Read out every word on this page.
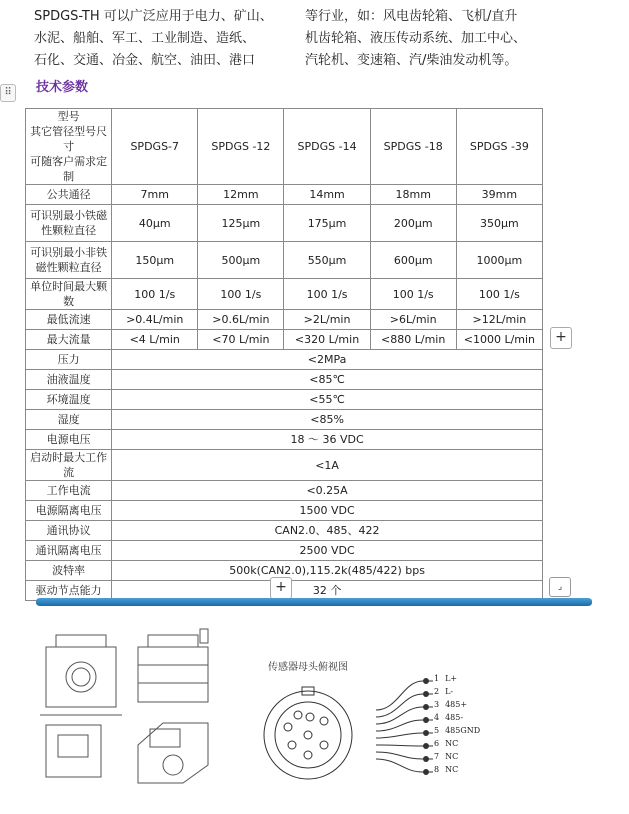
SPDGS-TH 可以广泛应用于电力、矿山、

水泥、船舶、军工、工业制造、造纸、

石化、交通、冶金、航空、油田、港口

等行业，如：风电齿轮箱、飞机/直升

机齿轮箱、液压传动系统、加工中心、

汽轮机、变速箱、汽/柴油发动机等。

⠿	技术参数
型号
其它管径型号尺寸
可随客户需求定制	SPDGS-7	SPDGS -12	SPDGS -14	SPDGS -18	SPDGS -39
公共通径	7mm	12mm	14mm	18mm	39mm
可识别最小铁磁性颗粒直径	40μm	125μm	175μm	200μm	350μm
可识别最小非铁磁性颗粒直径	150μm	500μm	550μm	600μm	1000μm
单位时间最大颗数	100 1/s	100 1/s	100 1/s	100 1/s	100 1/s
最低流速	>0.4L/min	>0.6L/min	>2L/min	>6L/min	>12L/min
最大流量	<4 L/min	<70 L/min	<320 L/min	<880 L/min	<1000 L/min
压力	<2MPa				
油液温度	<85℃				
环境温度	<55℃				
湿度	<85%				
电源电压	18 ～ 36 VDC				
启动时最大工作流	<1A				
工作电流	<0.25A				
电源隔离电压	1500 VDC				
通讯协议	CAN2.0、485、422				
通讯隔离电压	2500 VDC				
波特率	500k(CAN2.0),115.2k(485/422) bps				
驱动节点能力	32 个				
+
+	⌟
传感器母头俯视图
1 L+
2 L-
3 485+
4 485-
5 485GND
6 NC
7 NC
8 NC
